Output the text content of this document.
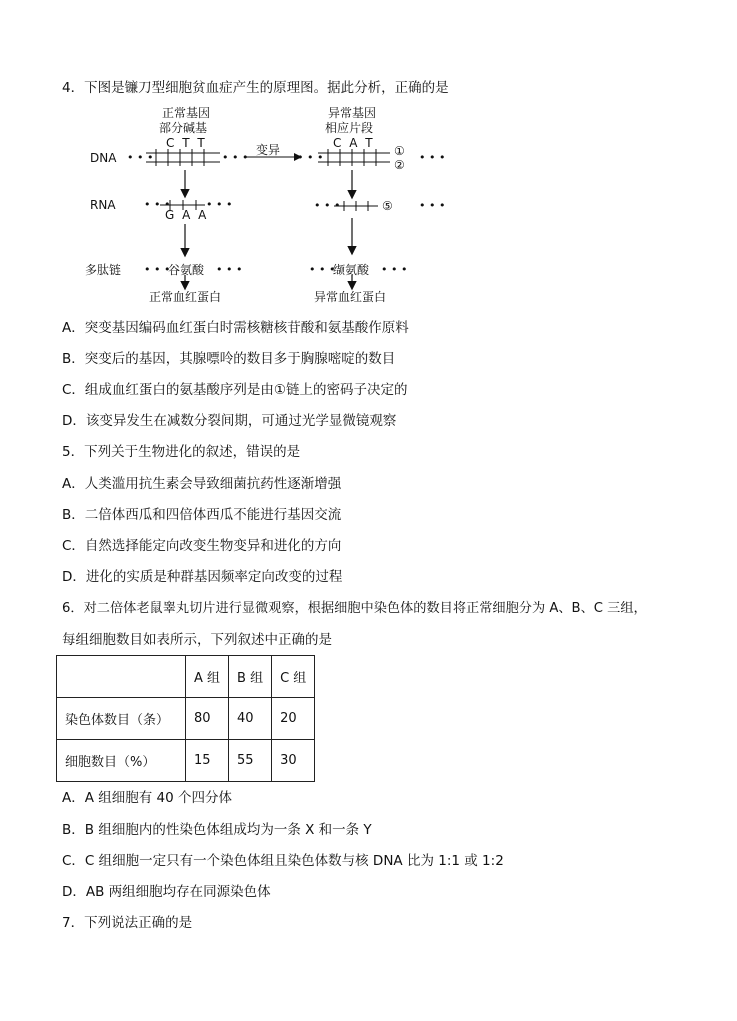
4．下图是镰刀型细胞贫血症产生的原理图。据此分析，正确的是
正常基因
部分碱基
C T T
异常基因
相应片段
C A T
DNA
RNA
多肽链
变异	①
②
⑤
G A A
谷氨酸	缬氨酸
正常血红蛋白	异常血红蛋白
• • •	• • •	• • •	• • •
• • •	• • •	• • •	• • •
• • •	• • •	• • •	• • •
A．突变基因编码血红蛋白时需核糖核苷酸和氨基酸作原料
B．突变后的基因，其腺嘌呤的数目多于胸腺嘧啶的数目
C．组成血红蛋白的氨基酸序列是由①链上的密码子决定的
D．该变异发生在减数分裂间期，可通过光学显微镜观察
5．下列关于生物进化的叙述，错误的是
A．人类滥用抗生素会导致细菌抗药性逐渐增强
B．二倍体西瓜和四倍体西瓜不能进行基因交流
C．自然选择能定向改变生物变异和进化的方向
D．进化的实质是种群基因频率定向改变的过程
6．对二倍体老鼠睾丸切片进行显微观察，根据细胞中染色体的数目将正常细胞分为 A、B、C 三组，
每组细胞数目如表所示，下列叙述中正确的是
	A 组	B 组	C 组
染色体数目（条）	80	40	20
细胞数目（%）	15	55	30
A．A 组细胞有 40 个四分体
B．B 组细胞内的性染色体组成均为一条 X 和一条 Y
C．C 组细胞一定只有一个染色体组且染色体数与核 DNA 比为 1:1 或 1:2
D．AB 两组细胞均存在同源染色体
7．下列说法正确的是
